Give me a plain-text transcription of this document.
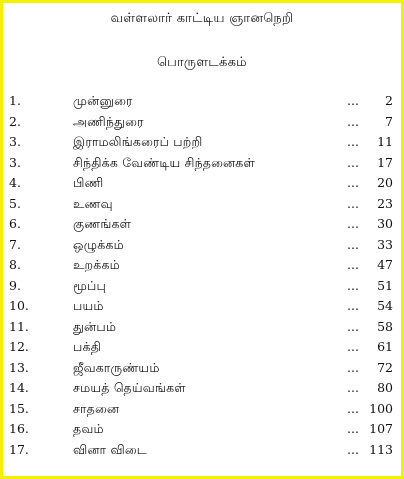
வள்ளலார் காட்டிய ஞானநெறி
பொருளடக்கம்
1.	முன்னுரை	... 2
2.	அணிந்துரை	... 7
3.	இராமலிங்கரைப் பற்றி	... 11
3.	சிந்திக்க வேண்டிய சிந்தனைகள்	... 17
4.	பிணி	... 20
5.	உணவு	... 23
6.	குணங்கள்	... 30
7.	ஒழுக்கம்	... 33
8.	உறக்கம்	... 47
9.	மூப்பு	... 51
10.	பயம்	... 54
11.	துன்பம்	... 58
12.	பக்தி	... 61
13.	ஜீவகாருண்யம்	... 72
14.	சமயத் தெய்வங்கள்	... 80
15.	சாதனை	... 100
16.	தவம்	... 107
17.	வினா விடை	... 113
